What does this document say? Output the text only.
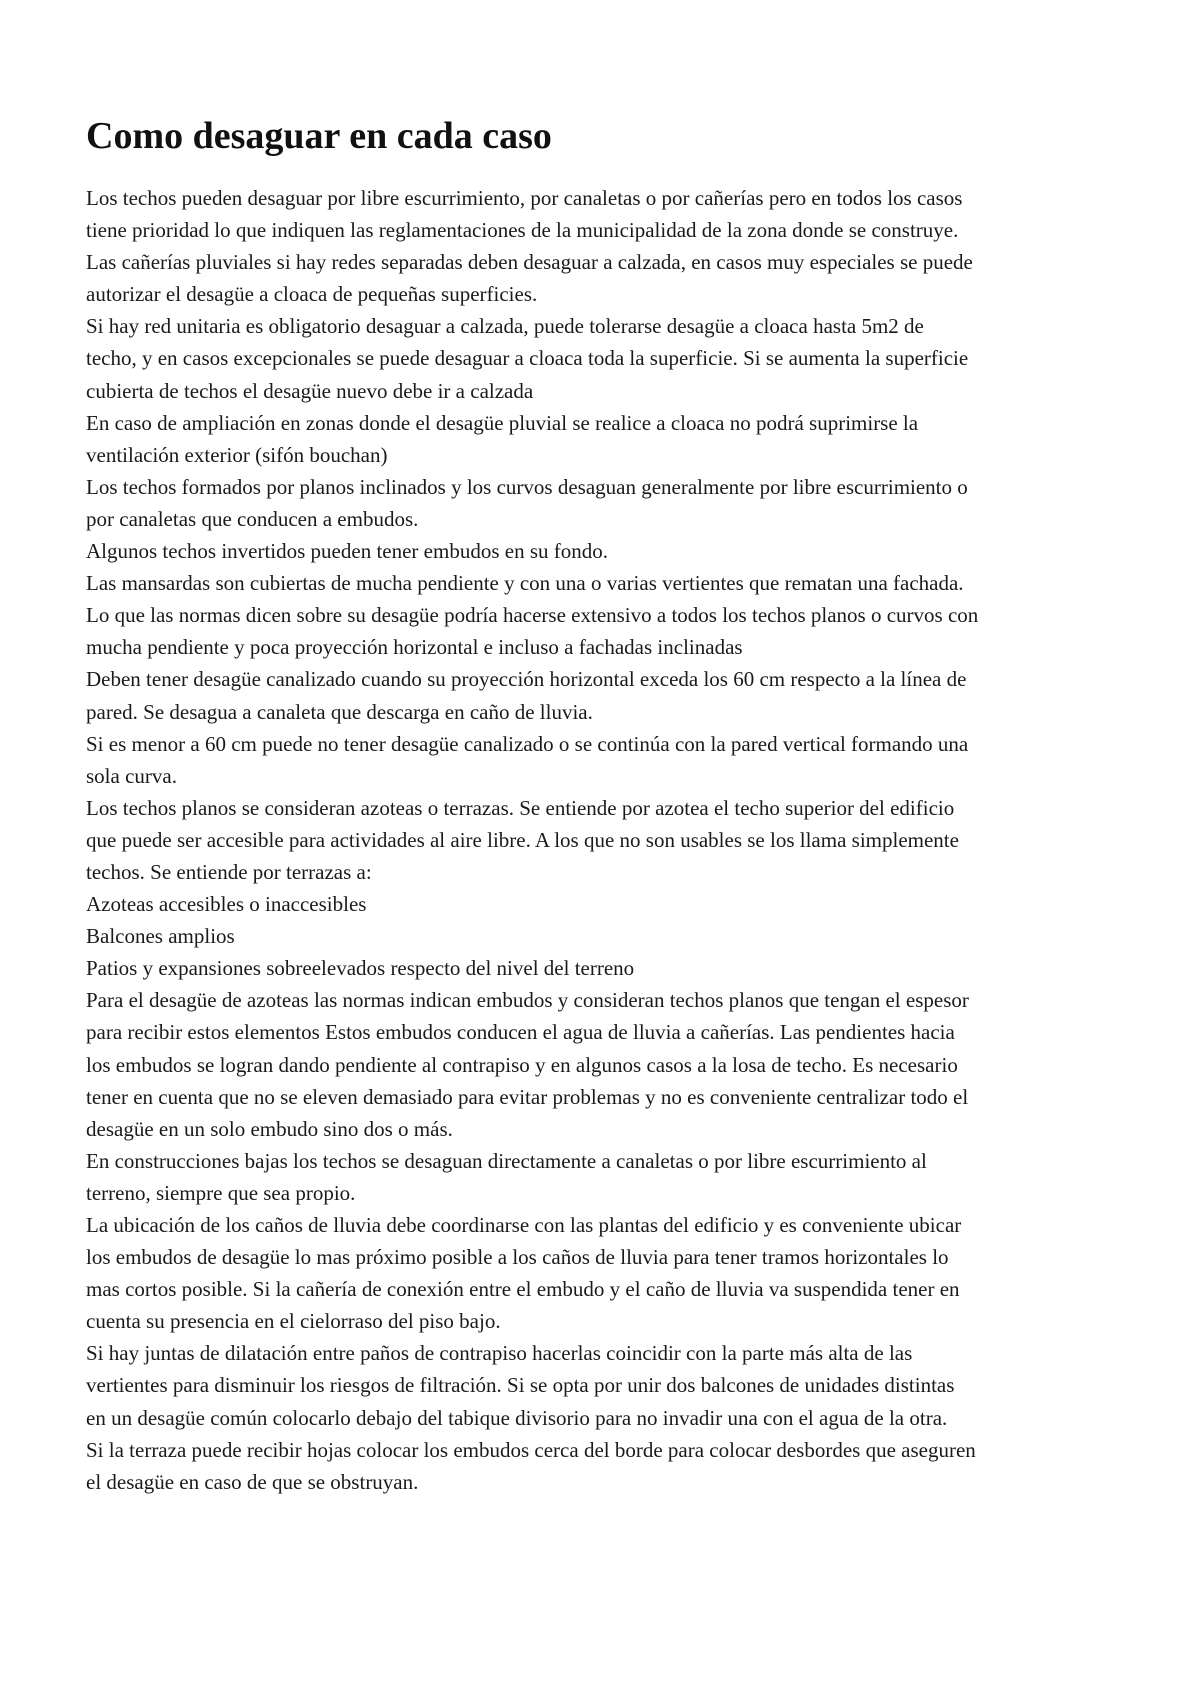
Como desaguar en cada caso

Los techos pueden desaguar por libre escurrimiento, por canaletas o por cañerías pero en todos los casos

tiene prioridad lo que indiquen las reglamentaciones de la municipalidad de la zona donde se construye.

Las cañerías pluviales si hay redes separadas deben desaguar a calzada, en casos muy especiales se puede

autorizar el desagüe a cloaca de pequeñas superficies.

Si hay red unitaria es obligatorio desaguar a calzada, puede tolerarse desagüe a cloaca hasta 5m2 de

techo, y en casos excepcionales se puede desaguar a cloaca toda la superficie. Si se aumenta la superficie

cubierta de techos el desagüe nuevo debe ir a calzada

En caso de ampliación en zonas donde el desagüe pluvial se realice a cloaca no podrá suprimirse la

ventilación exterior (sifón bouchan)

Los techos formados por planos inclinados y los curvos desaguan generalmente por libre escurrimiento o

por canaletas que conducen a embudos.

Algunos techos invertidos pueden tener embudos en su fondo.

Las mansardas son cubiertas de mucha pendiente y con una o varias vertientes que rematan una fachada.

Lo que las normas dicen sobre su desagüe podría hacerse extensivo a todos los techos planos o curvos con

mucha pendiente y poca proyección horizontal e incluso a fachadas inclinadas

Deben tener desagüe canalizado cuando su proyección horizontal exceda los 60 cm respecto a la línea de

pared. Se desagua a canaleta que descarga en caño de lluvia.

Si es menor a 60 cm puede no tener desagüe canalizado o se continúa con la pared vertical formando una

sola curva.

Los techos planos se consideran azoteas o terrazas. Se entiende por azotea el techo superior del edificio

que puede ser accesible para actividades al aire libre. A los que no son usables se los llama simplemente

techos. Se entiende por terrazas a:

Azoteas accesibles o inaccesibles

Balcones amplios

Patios y expansiones sobreelevados respecto del nivel del terreno

Para el desagüe de azoteas las normas indican embudos y consideran techos planos que tengan el espesor

para recibir estos elementos Estos embudos conducen el agua de lluvia a cañerías. Las pendientes hacia

los embudos se logran dando pendiente al contrapiso y en algunos casos a la losa de techo. Es necesario

tener en cuenta que no se eleven demasiado para evitar problemas y no es conveniente centralizar todo el

desagüe en un solo embudo sino dos o más.

En construcciones bajas los techos se desaguan directamente a canaletas o por libre escurrimiento al

terreno, siempre que sea propio.

La ubicación de los caños de lluvia debe coordinarse con las plantas del edificio y es conveniente ubicar

los embudos de desagüe lo mas próximo posible a los caños de lluvia para tener tramos horizontales lo

mas cortos posible. Si la cañería de conexión entre el embudo y el caño de lluvia va suspendida tener en

cuenta su presencia en el cielorraso del piso bajo.

Si hay juntas de dilatación entre paños de contrapiso hacerlas coincidir con la parte más alta de las

vertientes para disminuir los riesgos de filtración. Si se opta por unir dos balcones de unidades distintas

en un desagüe común colocarlo debajo del tabique divisorio para no invadir una con el agua de la otra.

Si la terraza puede recibir hojas colocar los embudos cerca del borde para colocar desbordes que aseguren

el desagüe en caso de que se obstruyan.
